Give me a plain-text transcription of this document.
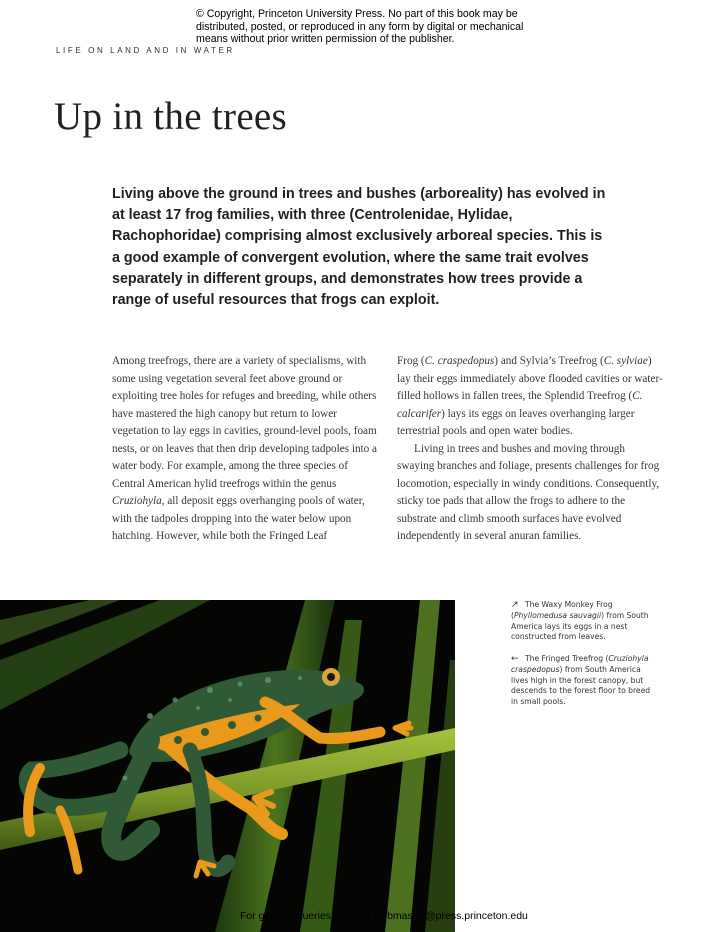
© Copyright, Princeton University Press. No part of this book may be distributed, posted, or reproduced in any form by digital or mechanical means without prior written permission of the publisher.
LIFE ON LAND AND IN WATER
Up in the trees

Living above the ground in trees and bushes (arboreality) has evolved in at least 17 frog families, with three (Centrolenidae, Hylidae, Rachophoridae) comprising almost exclusively arboreal species. This is a good example of convergent evolution, where the same trait evolves separately in different groups, and demonstrates how trees provide a range of useful resources that frogs can exploit.

Among treefrogs, there are a variety of specialisms, with some using vegetation several feet above ground or exploiting tree holes for refuges and breeding, while others have mastered the high canopy but return to lower vegetation to lay eggs in cavities, ground-level pools, foam nests, or on leaves that then drip developing tadpoles into a water body. For example, among the three species of Central American hylid treefrogs within the genus Cruziohyla, all deposit eggs overhanging pools of water, with the tadpoles dropping into the water below upon hatching. However, while both the Fringed Leaf

Frog (C. craspedopus) and Sylvia’s Treefrog (C. sylviae) lay their eggs immediately above flooded cavities or water-filled hollows in fallen trees, the Splendid Treefrog (C. calcarifer) lays its eggs on leaves overhanging larger terrestrial pools and open water bodies.
Living in trees and bushes and moving through swaying branches and foliage, presents challenges for frog locomotion, especially in windy conditions. Consequently, sticky toe pads that allow the frogs to adhere to the substrate and climb smooth surfaces have evolved independently in several anuran families.

↗ The Waxy Monkey Frog (Phyllomedusa sauvagii) from South America lays its eggs in a nest constructed from leaves.

← The Fringed Treefrog (Cruziohyla craspedopus) from South America lives high in the forest canopy, but descends to the forest floor to breed in small pools.

For general queries, contact webmaster@press.princeton.edu
